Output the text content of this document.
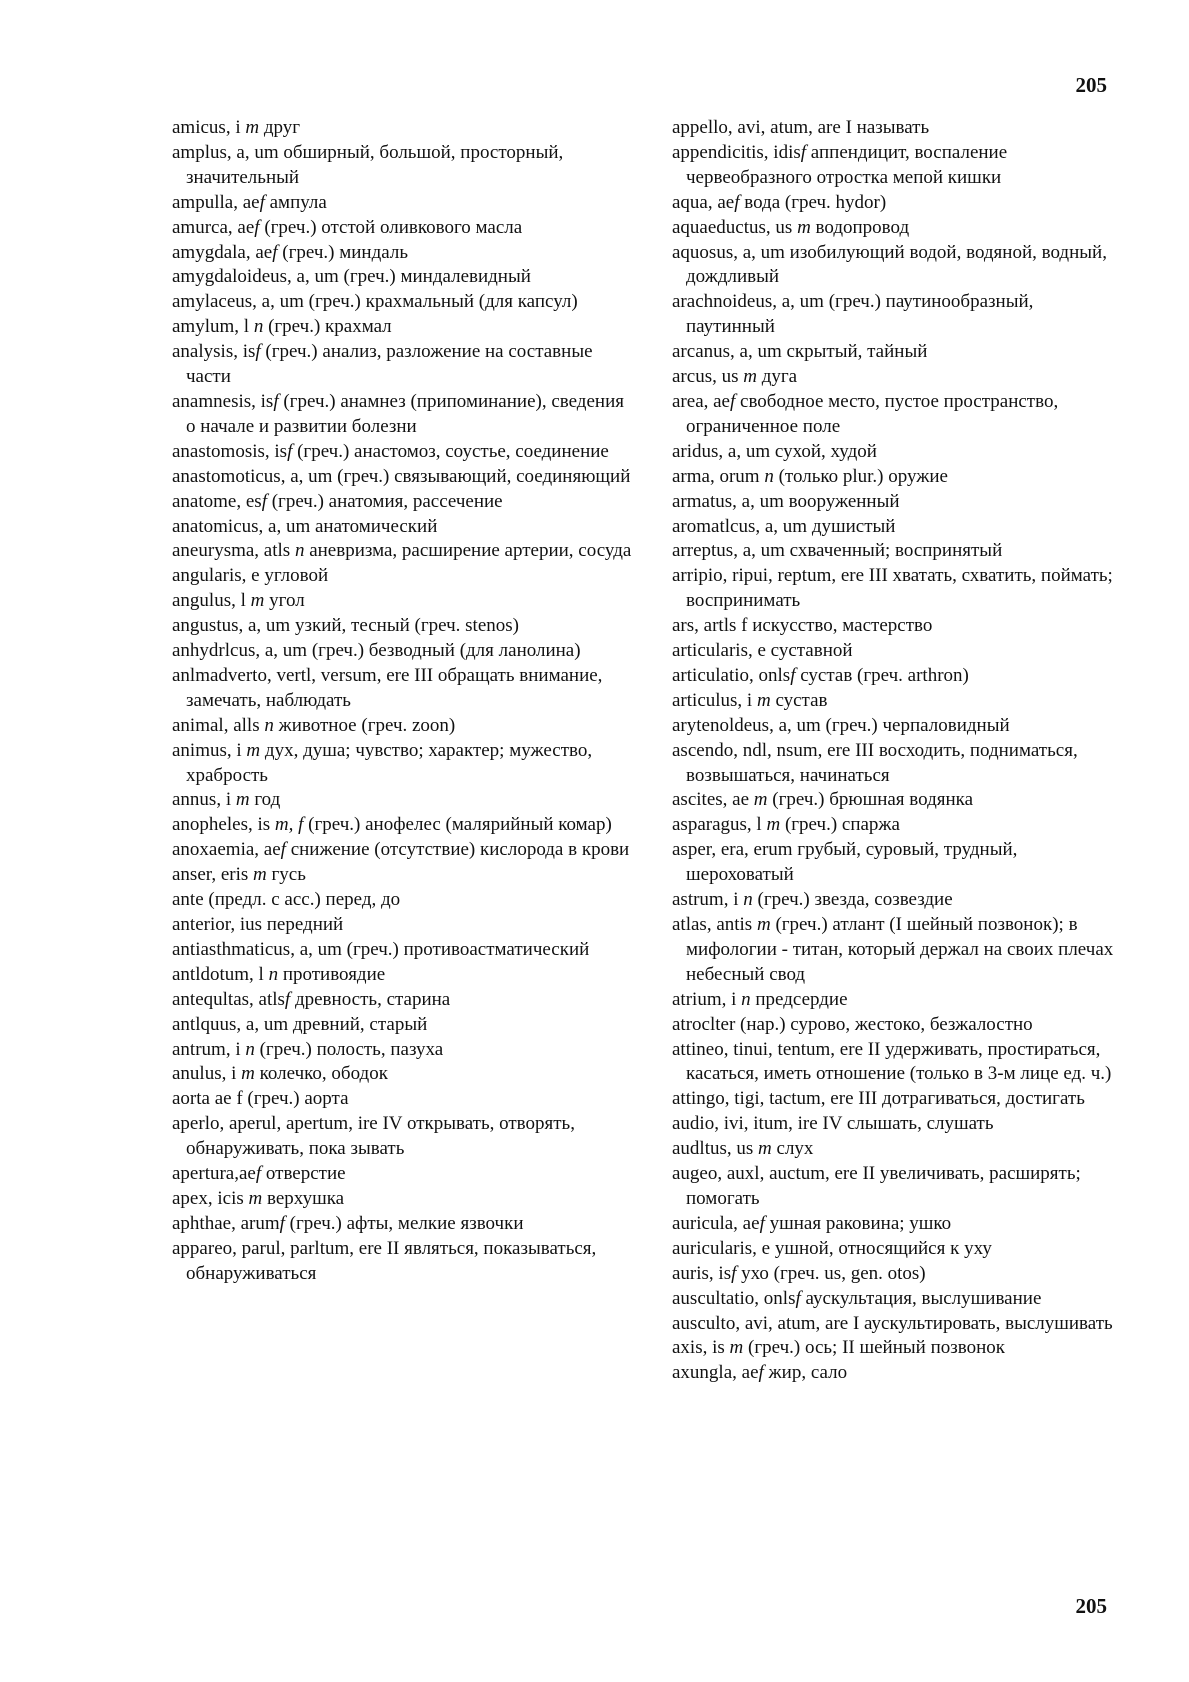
205
amicus, i m друг
amplus, a, um обширный, большой, просторный, значительный
ampulla, aef ампула
amurca, aef (греч.) отстой оливкового масла
amygdala, aef (греч.) миндаль
amygdaloideus, a, um (греч.) миндалевидный
amylaceus, a, um (греч.) крахмальный (для капсул)
amylum, l n (греч.) крахмал
analysis, isf (греч.) анализ, разложение на составные части
anamnesis, isf (греч.) анамнез (припоминание), сведения о начале и развитии болезни
anastomosis, isf (греч.) анастомоз, соустье, соединение
anastomoticus, a, um (греч.) связывающий, соединяющий
anatome, esf (греч.) анатомия, рассечение
anatomicus, a, um анатомический
aneurysma, atls n аневризма, расширение артерии, сосуда
angularis, e угловой
angulus, l m угол
angustus, a, um узкий, тесный (греч. stenos)
anhydrlcus, a, um (греч.) безводный (для ланолина)
anlmadverto, vertl, versum, ere III обращать внимание, замечать, наблюдать
animal, alls n животное (греч. zoon)
animus, i m дух, душа; чувство; характер; мужество, храбрость
annus, i m год
anopheles, is m, f (греч.) анофелес (малярийный комар)
anoxaemia, aef снижение (отсутствие) кислорода в крови
anser, eris m гусь
ante (предл. с асс.) перед, до
anterior, ius передний
antiasthmaticus, a, um (греч.) противоастматический
antldotum, l n противоядие
antequltas, atlsf древность, старина
antlquus, a, um древний, старый
antrum, i n (греч.) полость, пазуха
anulus, i m колечко, ободок
aorta ae f (греч.) аорта
aperlo, aperul, apertum, ire IV открывать, отворять, обнаруживать, пока зывать
apertura,aef отверстие
apex, icis m верхушка
aphthae, arumf (греч.) афты, мелкие язвочки
appareo, parul, parltum, ere II являться, показываться, обнаруживаться
appello, avi, atum, are I называть
appendicitis, idisf аппендицит, воспаление червеобразного отростка мепой кишки
aqua, aef вода (греч. hydor)
aquaeductus, us m водопровод
aquosus, a, um изобилующий водой, водяной, водный, дождливый
arachnoideus, a, um (греч.) паутинообразный, паутинный
arcanus, a, um скрытый, тайный
arcus, us m дуга
area, aef свободное место, пустое пространство, ограниченное поле
aridus, a, um сухой, худой
arma, orum n (только plur.) оружие
armatus, a, um вооруженный
aromatlcus, a, um душистый
arreptus, a, um схваченный; воспринятый
arripio, ripui, reptum, ere III хватать, схватить, поймать; воспринимать
ars, artls f искусство, мастерство
articularis, e суставной
articulatio, onlsf сустав (греч. arthron)
articulus, i m сустав
arytenoldeus, a, um (греч.) черпаловидный
ascendo, ndl, nsum, ere III восходить, подниматься, возвышаться, начинаться
ascites, ae m (греч.) брюшная водянка
asparagus, l m (греч.) спаржа
asper, era, erum грубый, суровый, трудный, шероховатый
astrum, i n (греч.) звезда, созвездие
atlas, antis m (греч.) атлант (I шейный позвонок); в мифологии - титан, который держал на своих плечах небесный свод
atrium, i n предсердие
atroclter (нар.) сурово, жестоко, безжалостно
attineo, tinui, tentum, ere II удерживать, простираться, касаться, иметь отношение (только в 3-м лице ед. ч.)
attingo, tigi, tactum, ere III дотрагиваться, достигать
audio, ivi, itum, ire IV слышать, слушать
audltus, us m слух
augeo, auxl, auctum, ere II увеличивать, расширять; помогать
auricula, aef ушная раковина; ушко
auricularis, e ушной, относящийся к уху
auris, isf ухо (греч. us, gen. otos)
auscultatio, onlsf аускультация, выслушивание
ausculto, avi, atum, are I аускультировать, выслушивать
axis, is m (греч.) ось; II шейный позвонок
axungla, aef жир, сало
205
